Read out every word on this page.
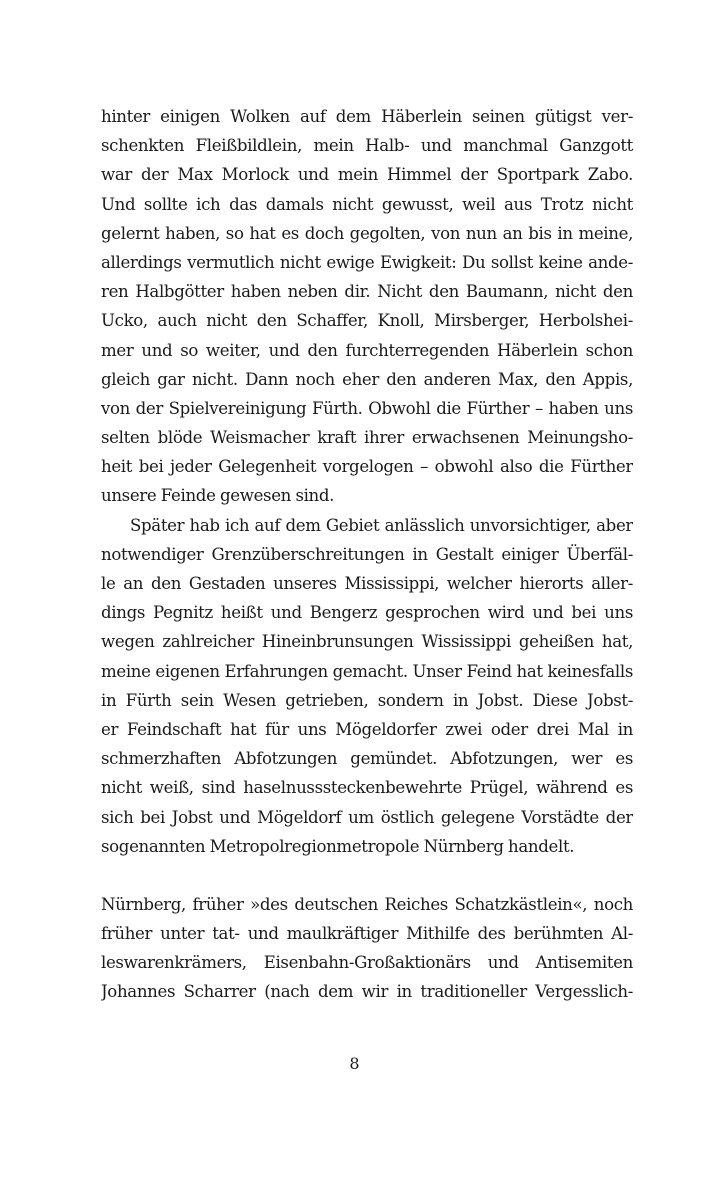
hinter einigen Wolken auf dem Häberlein seinen gütigst ver-
schenkten Fleißbildlein, mein Halb- und manchmal Ganzgott
war der Max Morlock und mein Himmel der Sportpark Zabo.
Und sollte ich das damals nicht gewusst, weil aus Trotz nicht
gelernt haben, so hat es doch gegolten, von nun an bis in meine,
allerdings vermutlich nicht ewige Ewigkeit: Du sollst keine ande-
ren Halbgötter haben neben dir. Nicht den Baumann, nicht den
Ucko, auch nicht den Schaffer, Knoll, Mirsberger, Herbolshei-
mer und so weiter, und den furchterregenden Häberlein schon
gleich gar nicht. Dann noch eher den anderen Max, den Appis,
von der Spielvereinigung Fürth. Obwohl die Fürther – haben uns
selten blöde Weismacher kraft ihrer erwachsenen Meinungsho-
heit bei jeder Gelegenheit vorgelogen – obwohl also die Fürther
unsere Feinde gewesen sind.
Später hab ich auf dem Gebiet anlässlich unvorsichtiger, aber
notwendiger Grenzüberschreitungen in Gestalt einiger Überfäl-
le an den Gestaden unseres Mississippi, welcher hierorts aller-
dings Pegnitz heißt und Bengerz gesprochen wird und bei uns
wegen zahlreicher Hineinbrunsungen Wississippi geheißen hat,
meine eigenen Erfahrungen gemacht. Unser Feind hat keinesfalls
in Fürth sein Wesen getrieben, sondern in Jobst. Diese Jobst-
er Feindschaft hat für uns Mögeldorfer zwei oder drei Mal in
schmerzhaften Abfotzungen gemündet. Abfotzungen, wer es
nicht weiß, sind haselnusssteckenbewehrte Prügel, während es
sich bei Jobst und Mögeldorf um östlich gelegene Vorstädte der
sogenannten Metropolregionmetropole Nürnberg handelt.
Nürnberg, früher »des deutschen Reiches Schatzkästlein«, noch
früher unter tat- und maulkräftiger Mithilfe des berühmten Al-
leswarenkrämers, Eisenbahn-Großaktionärs und Antisemiten
Johannes Scharrer (nach dem wir in traditioneller Vergesslich-
8
